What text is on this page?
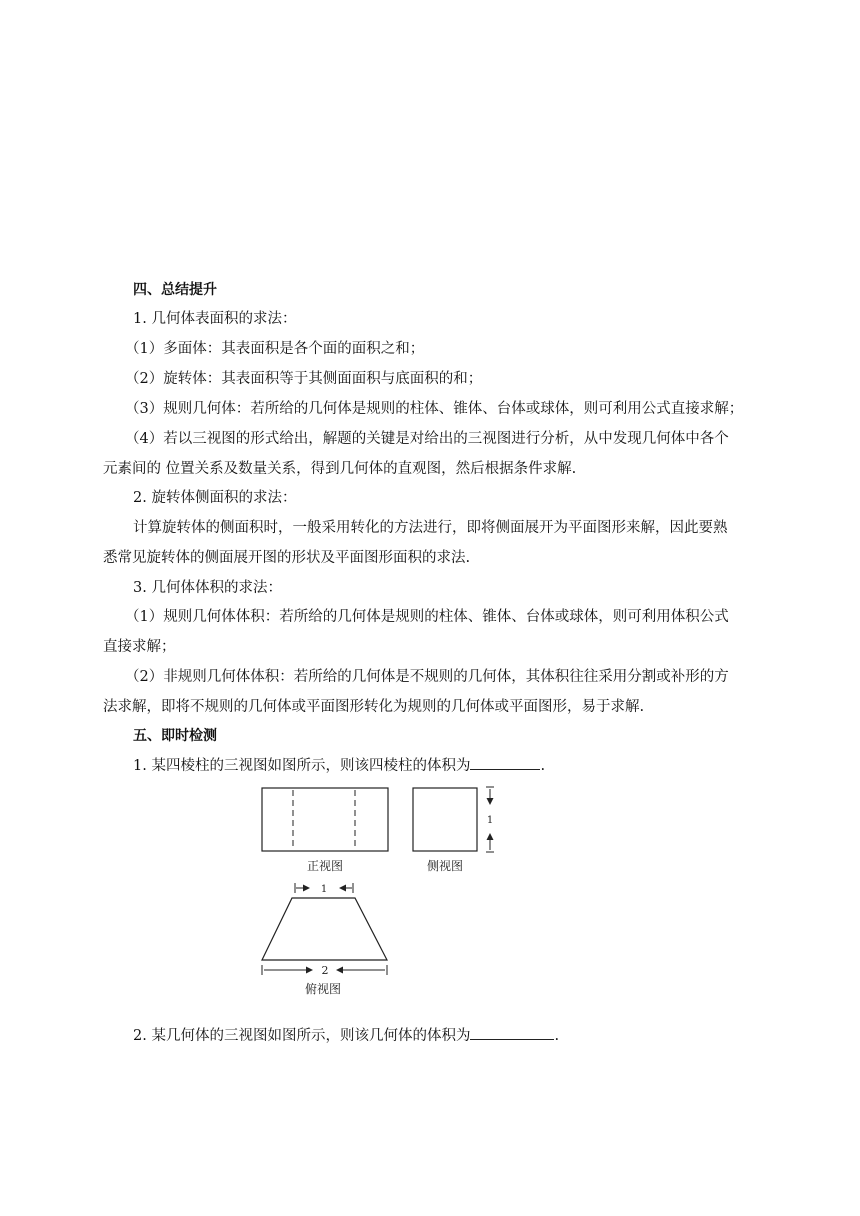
四、总结提升
1. 几何体表面积的求法：
（1）多面体：其表面积是各个面的面积之和；
（2）旋转体：其表面积等于其侧面面积与底面积的和；
（3）规则几何体：若所给的几何体是规则的柱体、锥体、台体或球体，则可利用公式直接求解；
（4）若以三视图的形式给出，解题的关键是对给出的三视图进行分析，从中发现几何体中各个
元素间的 位置关系及数量关系，得到几何体的直观图，然后根据条件求解.
2. 旋转体侧面积的求法：
计算旋转体的侧面积时，一般采用转化的方法进行，即将侧面展开为平面图形来解，因此要熟
悉常见旋转体的侧面展开图的形状及平面图形面积的求法.
3. 几何体体积的求法：
（1）规则几何体体积：若所给的几何体是规则的柱体、锥体、台体或球体，则可利用体积公式
直接求解；
（2）非规则几何体体积：若所给的几何体是不规则的几何体，其体积往往采用分割或补形的方
法求解，即将不规则的几何体或平面图形转化为规则的几何体或平面图形，易于求解.
五、即时检测
1. 某四棱柱的三视图如图所示，则该四棱柱的体积为	.
正视图
1
侧视图
1
2
俯视图
2. 某几何体的三视图如图所示，则该几何体的体积为	.
